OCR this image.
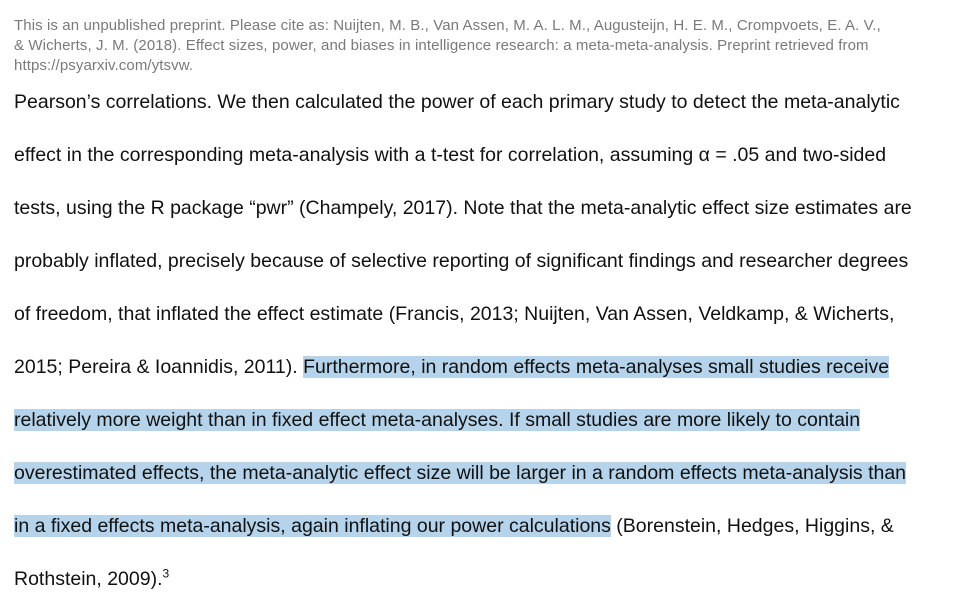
This is an unpublished preprint. Please cite as: Nuijten, M. B., Van Assen, M. A. L. M., Augusteijn, H. E. M., Crompvoets, E. A. V.,
& Wicherts, J. M. (2018). Effect sizes, power, and biases in intelligence research: a meta-meta-analysis. Preprint retrieved from
https://psyarxiv.com/ytsvw.
Pearson’s correlations. We then calculated the power of each primary study to detect the meta-analytic
effect in the corresponding meta-analysis with a t-test for correlation, assuming α = .05 and two-sided
tests, using the R package “pwr” (Champely, 2017). Note that the meta-analytic effect size estimates are
probably inflated, precisely because of selective reporting of significant findings and researcher degrees
of freedom, that inflated the effect estimate (Francis, 2013; Nuijten, Van Assen, Veldkamp, & Wicherts,
2015; Pereira & Ioannidis, 2011). Furthermore, in random effects meta-analyses small studies receive
relatively more weight than in fixed effect meta-analyses. If small studies are more likely to contain
overestimated effects, the meta-analytic effect size will be larger in a random effects meta-analysis than
in a fixed effects meta-analysis, again inflating our power calculations (Borenstein, Hedges, Higgins, &
Rothstein, 2009).$^3$
